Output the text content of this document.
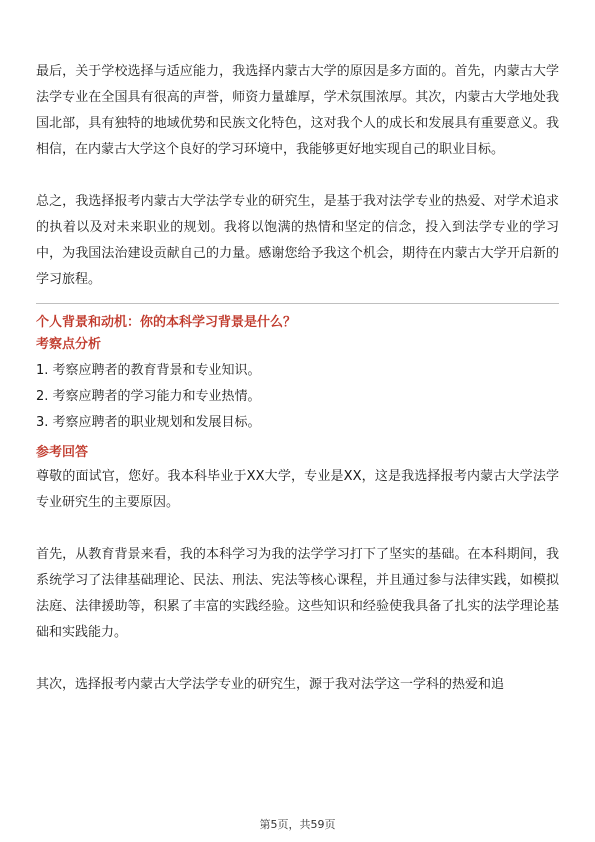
最后，关于学校选择与适应能力，我选择内蒙古大学的原因是多方面的。首先，内蒙古大学法学专业在全国具有很高的声誉，师资力量雄厚，学术氛围浓厚。其次，内蒙古大学地处我国北部，具有独特的地域优势和民族文化特色，这对我个人的成长和发展具有重要意义。我相信，在内蒙古大学这个良好的学习环境中，我能够更好地实现自己的职业目标。

总之，我选择报考内蒙古大学法学专业的研究生，是基于我对法学专业的热爱、对学术追求的执着以及对未来职业的规划。我将以饱满的热情和坚定的信念，投入到法学专业的学习中，为我国法治建设贡献自己的力量。感谢您给予我这个机会，期待在内蒙古大学开启新的学习旅程。

个人背景和动机：你的本科学习背景是什么？
考察点分析
1. 考察应聘者的教育背景和专业知识。
2. 考察应聘者的学习能力和专业热情。
3. 考察应聘者的职业规划和发展目标。
参考回答

尊敬的面试官，您好。我本科毕业于XX大学，专业是XX，这是我选择报考内蒙古大学法学专业研究生的主要原因。

首先，从教育背景来看，我的本科学习为我的法学学习打下了坚实的基础。在本科期间，我系统学习了法律基础理论、民法、刑法、宪法等核心课程，并且通过参与法律实践，如模拟法庭、法律援助等，积累了丰富的实践经验。这些知识和经验使我具备了扎实的法学理论基础和实践能力。

其次，选择报考内蒙古大学法学专业的研究生，源于我对法学这一学科的热爱和追

第5页，共59页
